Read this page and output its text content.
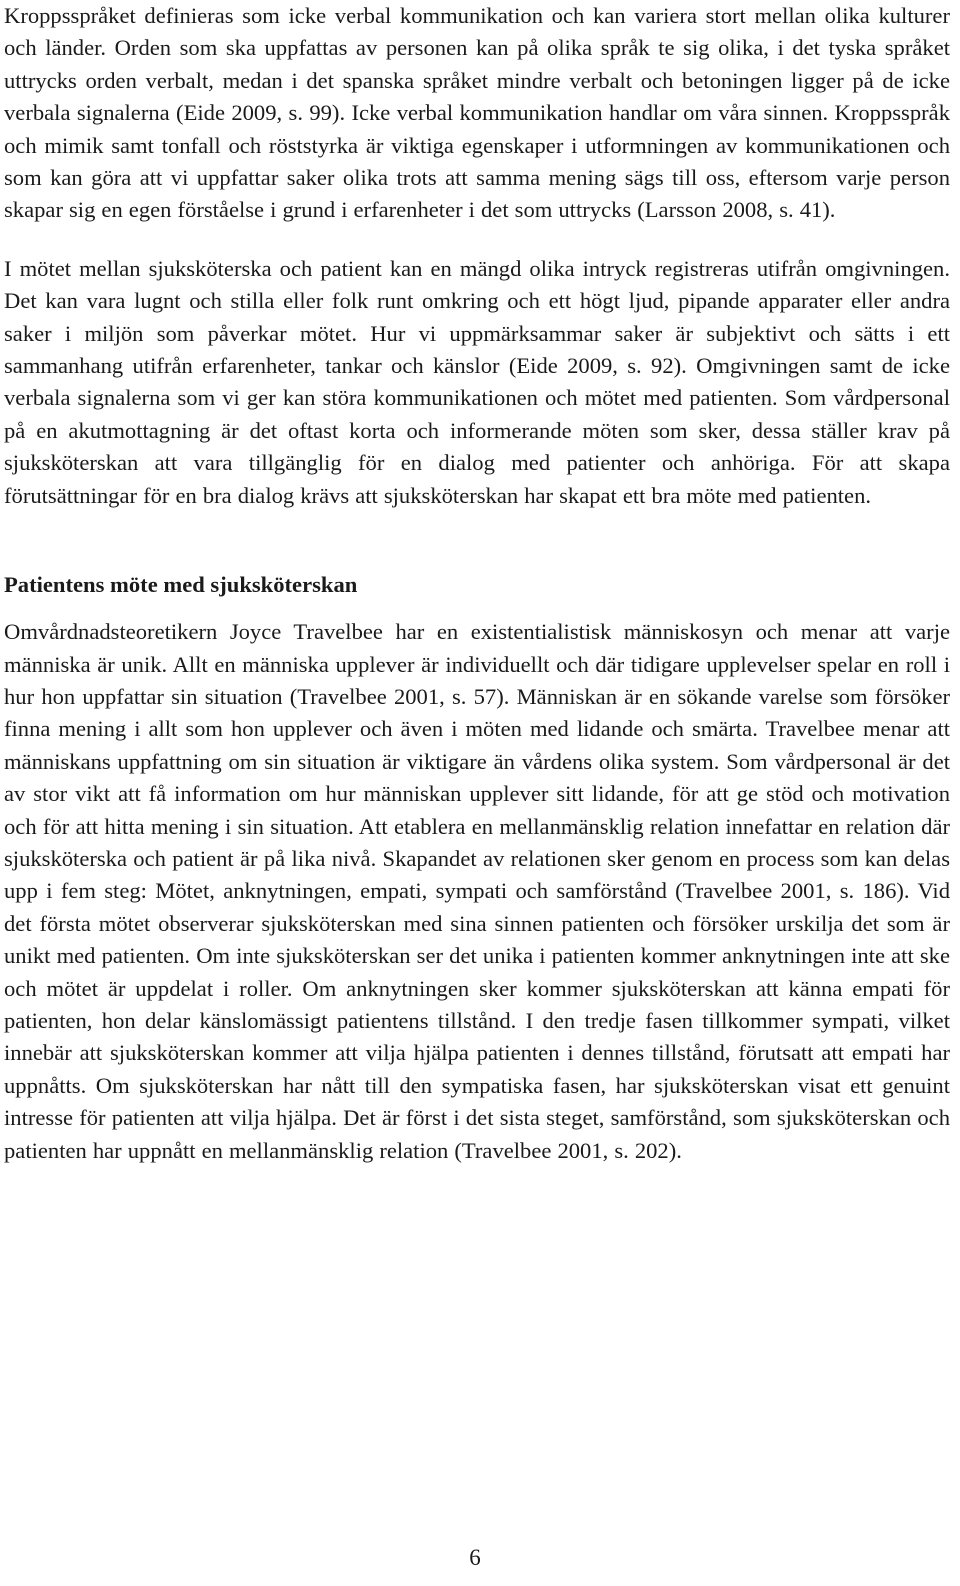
Kroppsspråket definieras som icke verbal kommunikation och kan variera stort mellan olika kulturer och länder. Orden som ska uppfattas av personen kan på olika språk te sig olika, i det tyska språket uttrycks orden verbalt, medan i det spanska språket mindre verbalt och betoningen ligger på de icke verbala signalerna (Eide 2009, s. 99). Icke verbal kommunikation handlar om våra sinnen. Kroppsspråk och mimik samt tonfall och röststyrka är viktiga egenskaper i utformningen av kommunikationen och som kan göra att vi uppfattar saker olika trots att samma mening sägs till oss, eftersom varje person skapar sig en egen förståelse i grund i erfarenheter i det som uttrycks (Larsson 2008, s. 41).

I mötet mellan sjuksköterska och patient kan en mängd olika intryck registreras utifrån omgivningen. Det kan vara lugnt och stilla eller folk runt omkring och ett högt ljud, pipande apparater eller andra saker i miljön som påverkar mötet. Hur vi uppmärksammar saker är subjektivt och sätts i ett sammanhang utifrån erfarenheter, tankar och känslor (Eide 2009, s. 92). Omgivningen samt de icke verbala signalerna som vi ger kan störa kommunikationen och mötet med patienten. Som vårdpersonal på en akutmottagning är det oftast korta och informerande möten som sker, dessa ställer krav på sjuksköterskan att vara tillgänglig för en dialog med patienter och anhöriga. För att skapa förutsättningar för en bra dialog krävs att sjuksköterskan har skapat ett bra möte med patienten.

Patientens möte med sjuksköterskan

Omvårdnadsteoretikern Joyce Travelbee har en existentialistisk människosyn och menar att varje människa är unik. Allt en människa upplever är individuellt och där tidigare upplevelser spelar en roll i hur hon uppfattar sin situation (Travelbee 2001, s. 57). Människan är en sökande varelse som försöker finna mening i allt som hon upplever och även i möten med lidande och smärta. Travelbee menar att människans uppfattning om sin situation är viktigare än vårdens olika system. Som vårdpersonal är det av stor vikt att få information om hur människan upplever sitt lidande, för att ge stöd och motivation och för att hitta mening i sin situation. Att etablera en mellanmänsklig relation innefattar en relation där sjuksköterska och patient är på lika nivå. Skapandet av relationen sker genom en process som kan delas upp i fem steg: Mötet, anknytningen, empati, sympati och samförstånd (Travelbee 2001, s. 186). Vid det första mötet observerar sjuksköterskan med sina sinnen patienten och försöker urskilja det som är unikt med patienten. Om inte sjuksköterskan ser det unika i patienten kommer anknytningen inte att ske och mötet är uppdelat i roller. Om anknytningen sker kommer sjuksköterskan att känna empati för patienten, hon delar känslomässigt patientens tillstånd. I den tredje fasen tillkommer sympati, vilket innebär att sjuksköterskan kommer att vilja hjälpa patienten i dennes tillstånd, förutsatt att empati har uppnåtts. Om sjuksköterskan har nått till den sympatiska fasen, har sjuksköterskan visat ett genuint intresse för patienten att vilja hjälpa. Det är först i det sista steget, samförstånd, som sjuksköterskan och patienten har uppnått en mellanmänsklig relation (Travelbee 2001, s. 202).

6
